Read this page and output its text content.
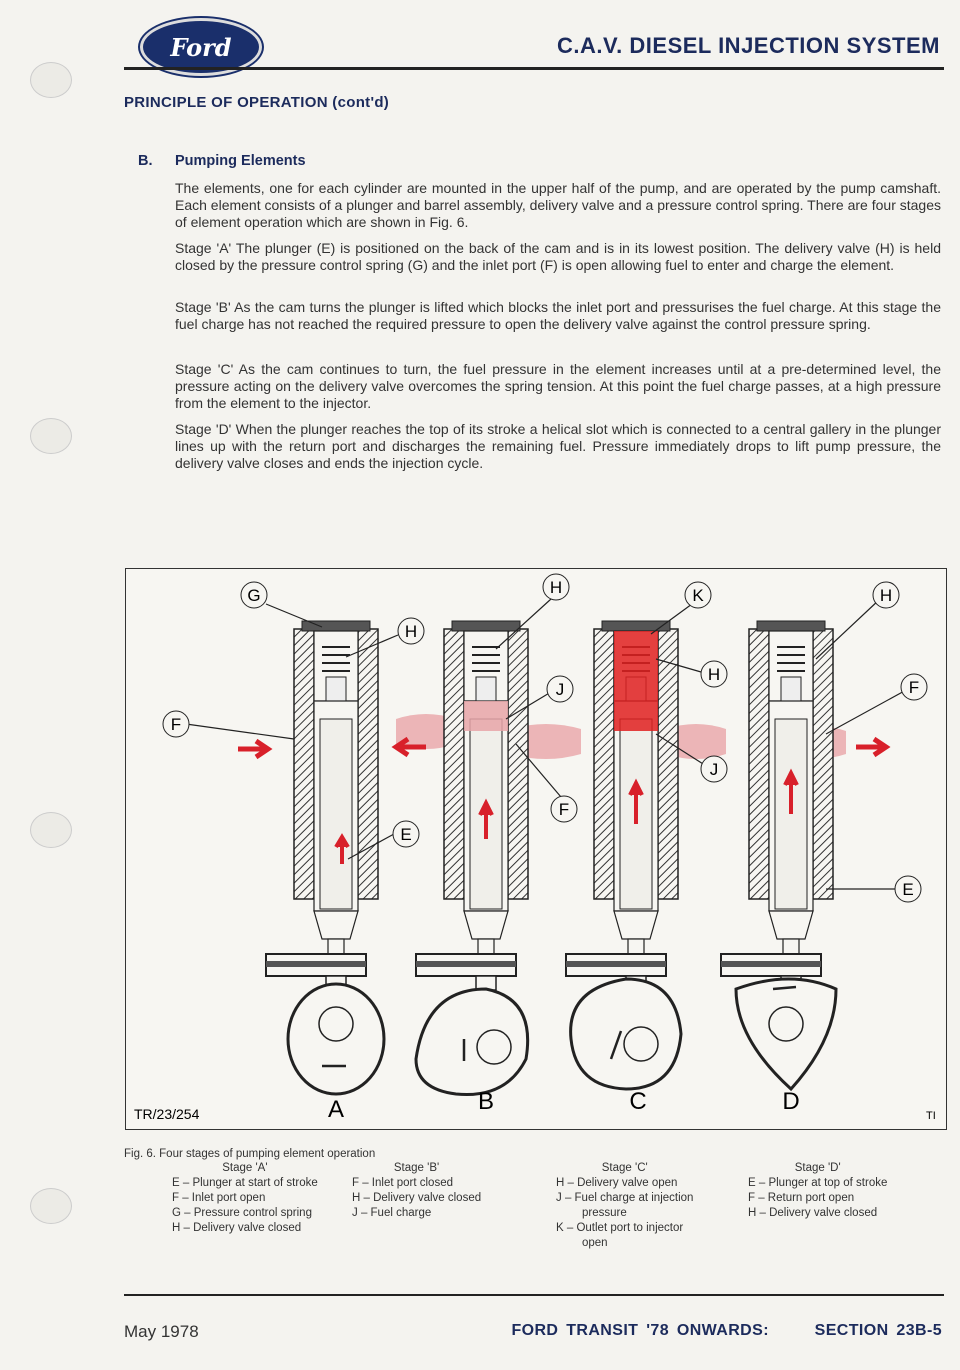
Ford	C.A.V. DIESEL INJECTION SYSTEM
PRINCIPLE OF OPERATION (cont'd)
B. Pumping Elements

The elements, one for each cylinder are mounted in the upper half of the pump, and are operated by the pump camshaft. Each element consists of a plunger and barrel assembly, delivery valve and a pressure control spring. There are four stages of element operation which are shown in Fig. 6.

Stage 'A' The plunger (E) is positioned on the back of the cam and is in its lowest position. The delivery valve (H) is held closed by the pressure control spring (G) and the inlet port (F) is open allowing fuel to enter and charge the element.

Stage 'B' As the cam turns the plunger is lifted which blocks the inlet port and pressurises the fuel charge. At this stage the fuel charge has not reached the required pressure to open the delivery valve against the control pressure spring.

Stage 'C' As the cam continues to turn, the fuel pressure in the element increases until at a pre-determined level, the pressure acting on the delivery valve overcomes the spring tension. At this point the fuel charge passes, at a high pressure from the element to the injector.

Stage 'D' When the plunger reaches the top of its stroke a helical slot which is connected to a central gallery in the plunger lines up with the return port and discharges the remaining fuel. Pressure immediately drops to lift pump pressure, the delivery valve closes and ends the injection cycle.

G
H
F
E
H
J
F
K
H
J
H
F
E
A	B	C	D
TR/23/254	TI
Fig. 6. Four stages of pumping element operation
Stage 'A'
E – Plunger at start of stroke
F – Inlet port open
G – Pressure control spring
H – Delivery valve closed
Stage 'B'
F – Inlet port closed
H – Delivery valve closed
J – Fuel charge
Stage 'C'
H – Delivery valve open
J – Fuel charge at injection
pressure
K – Outlet port to injector
open
Stage 'D'
E – Plunger at top of stroke
F – Return port open
H – Delivery valve closed
May 1978	FORD TRANSIT '78 ONWARDS:	SECTION 23B-5
